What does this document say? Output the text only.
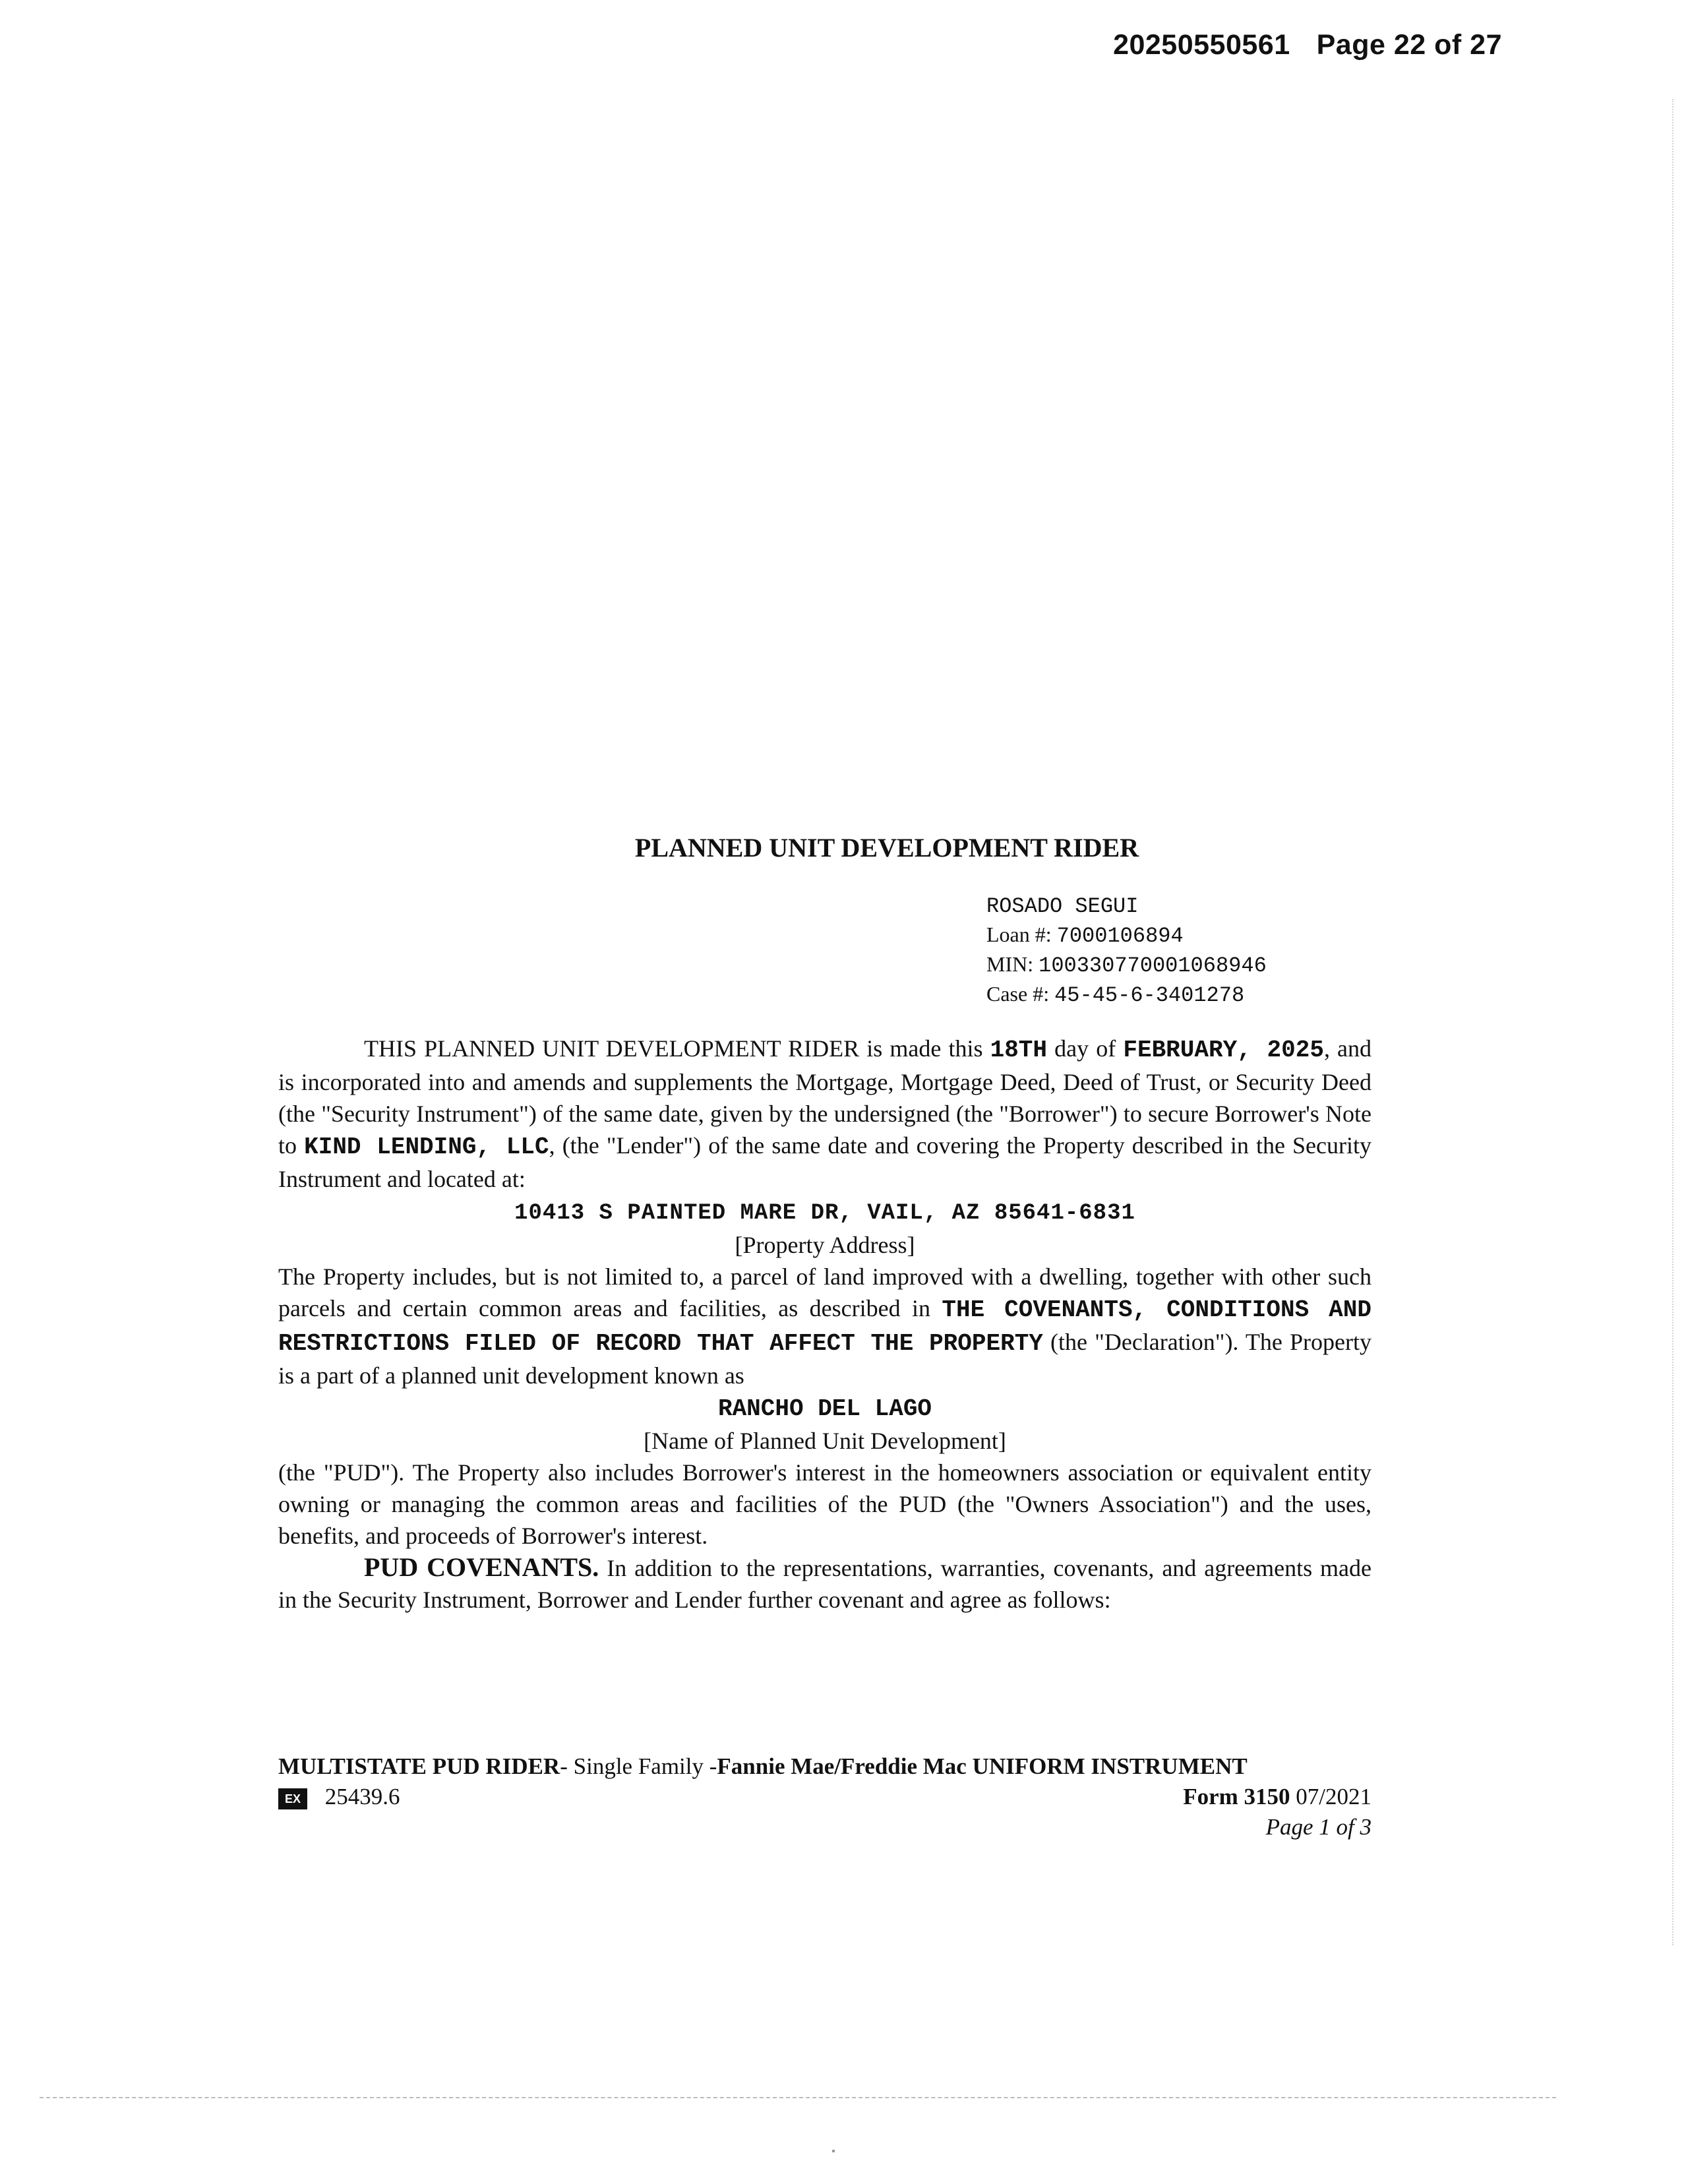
20250550561 Page 22 of 27
PLANNED UNIT DEVELOPMENT RIDER
ROSADO SEGUI
Loan #: 7000106894
MIN: 100330770001068946
Case #: 45-45-6-3401278

THIS PLANNED UNIT DEVELOPMENT RIDER is made this 18TH day of FEBRUARY, 2025, and is incorporated into and amends and supplements the Mortgage, Mortgage Deed, Deed of Trust, or Security Deed (the "Security Instrument") of the same date, given by the undersigned (the "Borrower") to secure Borrower's Note to KIND LENDING, LLC, (the "Lender") of the same date and covering the Property described in the Security Instrument and located at:

10413 S PAINTED MARE DR, VAIL, AZ 85641-6831

[Property Address]

The Property includes, but is not limited to, a parcel of land improved with a dwelling, together with other such parcels and certain common areas and facilities, as described in THE COVENANTS, CONDITIONS AND RESTRICTIONS FILED OF RECORD THAT AFFECT THE PROPERTY (the "Declaration"). The Property is a part of a planned unit development known as

RANCHO DEL LAGO

[Name of Planned Unit Development]

(the "PUD"). The Property also includes Borrower's interest in the homeowners association or equivalent entity owning or managing the common areas and facilities of the PUD (the "Owners Association") and the uses, benefits, and proceeds of Borrower's interest.

PUD COVENANTS. In addition to the representations, warranties, covenants, and agreements made in the Security Instrument, Borrower and Lender further covenant and agree as follows:

MULTISTATE PUD RIDER- Single Family -Fannie Mae/Freddie Mac UNIFORM INSTRUMENT
EX 25439.6	Form 3150 07/2021
Page 1 of 3
